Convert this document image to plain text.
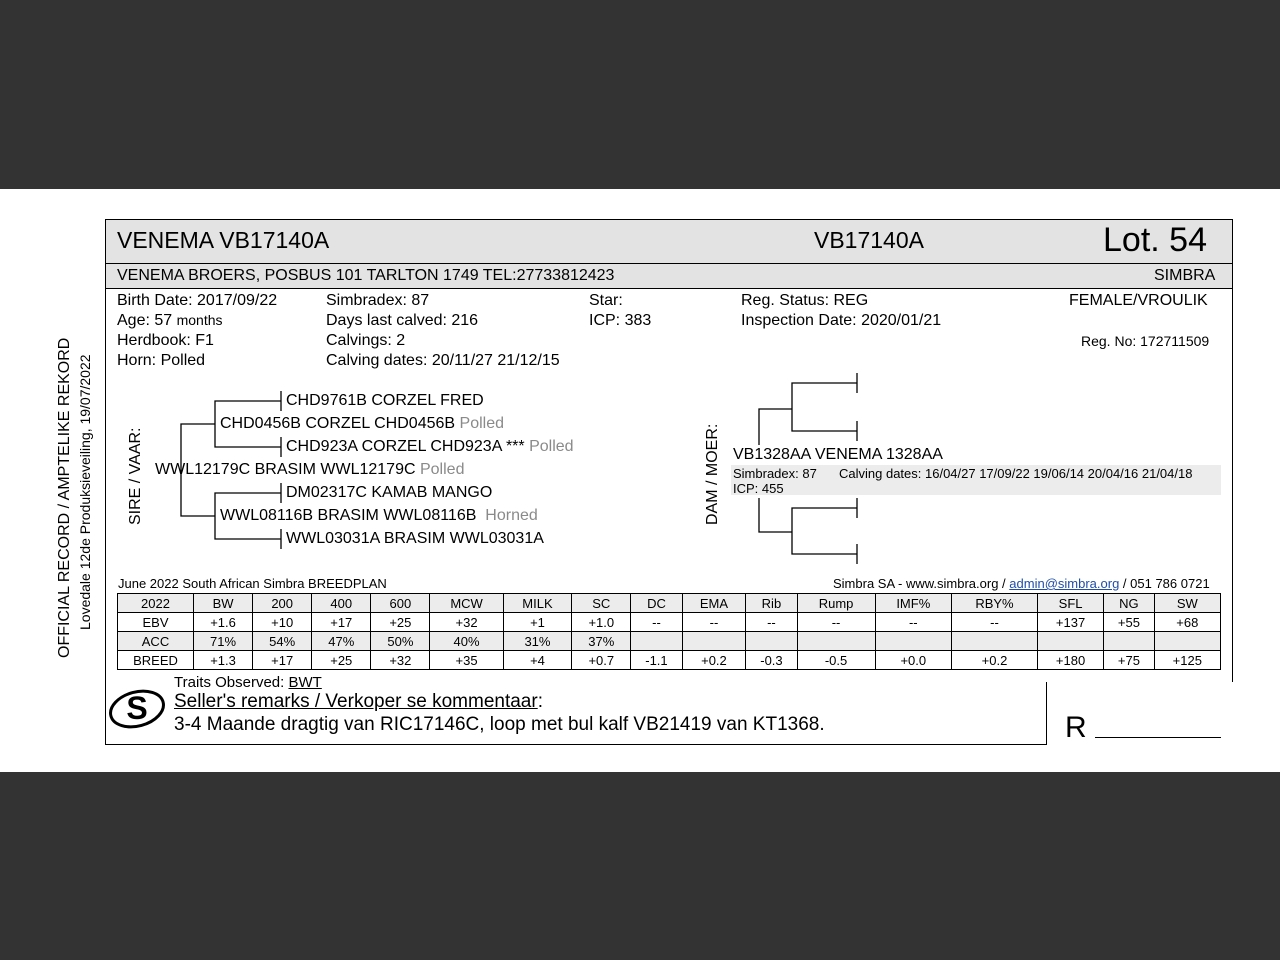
OFFICIAL RECORD / AMPTELIKE REKORD Lovedale 12de Produksieveiling, 19/07/2022
VENEMA VB17140A	VB17140A	Lot. 54
VENEMA BROERS, POSBUS 101 TARLTON 1749 TEL:27733812423	SIMBRA
Birth Date: 2017/09/22
Age: 57 months
Herdbook: F1
Horn: Polled
Simbradex: 87
Days last calved: 216
Calvings: 2
Calving dates: 20/11/27 21/12/15
Star:
ICP: 383
Reg. Status: REG
Inspection Date: 2020/01/21
FEMALE/VROULIK
Reg. No: 172711509
SIRE / VAAR:	DAM / MOER:
CHD9761B CORZEL FRED
CHD0456B CORZEL CHD0456B Polled
CHD923A CORZEL CHD923A *** Polled
WWL12179C BRASIM WWL12179C Polled
DM02317C KAMAB MANGO
WWL08116B BRASIM WWL08116B Horned
WWL03031A BRASIM WWL03031A
VB1328AA VENEMA 1328AA
Simbradex: 87 Calving dates: 16/04/27 17/09/22 19/06/14 20/04/16 21/04/18
ICP: 455
June 2022 South African Simbra BREEDPLAN	Simbra SA - www.simbra.org / admin@simbra.org / 051 786 0721
2022	BW	200	400	600	MCW	MILK	SC	DC	EMA	Rib	Rump	IMF%	RBY%	SFL	NG	SW
EBV	+1.6	+10	+17	+25	+32	+1	+1.0	--	--	--	--	--	--	+137	+55	+68
ACC	71%	54%	47%	50%	40%	31%	37%									
BREED	+1.3	+17	+25	+32	+35	+4	+0.7	-1.1	+0.2	-0.3	-0.5	+0.0	+0.2	+180	+75	+125
S
Traits Observed: BWT
Seller's remarks / Verkoper se kommentaar:
3-4 Maande dragtig van RIC17146C, loop met bul kalf VB21419 van KT1368.	R
